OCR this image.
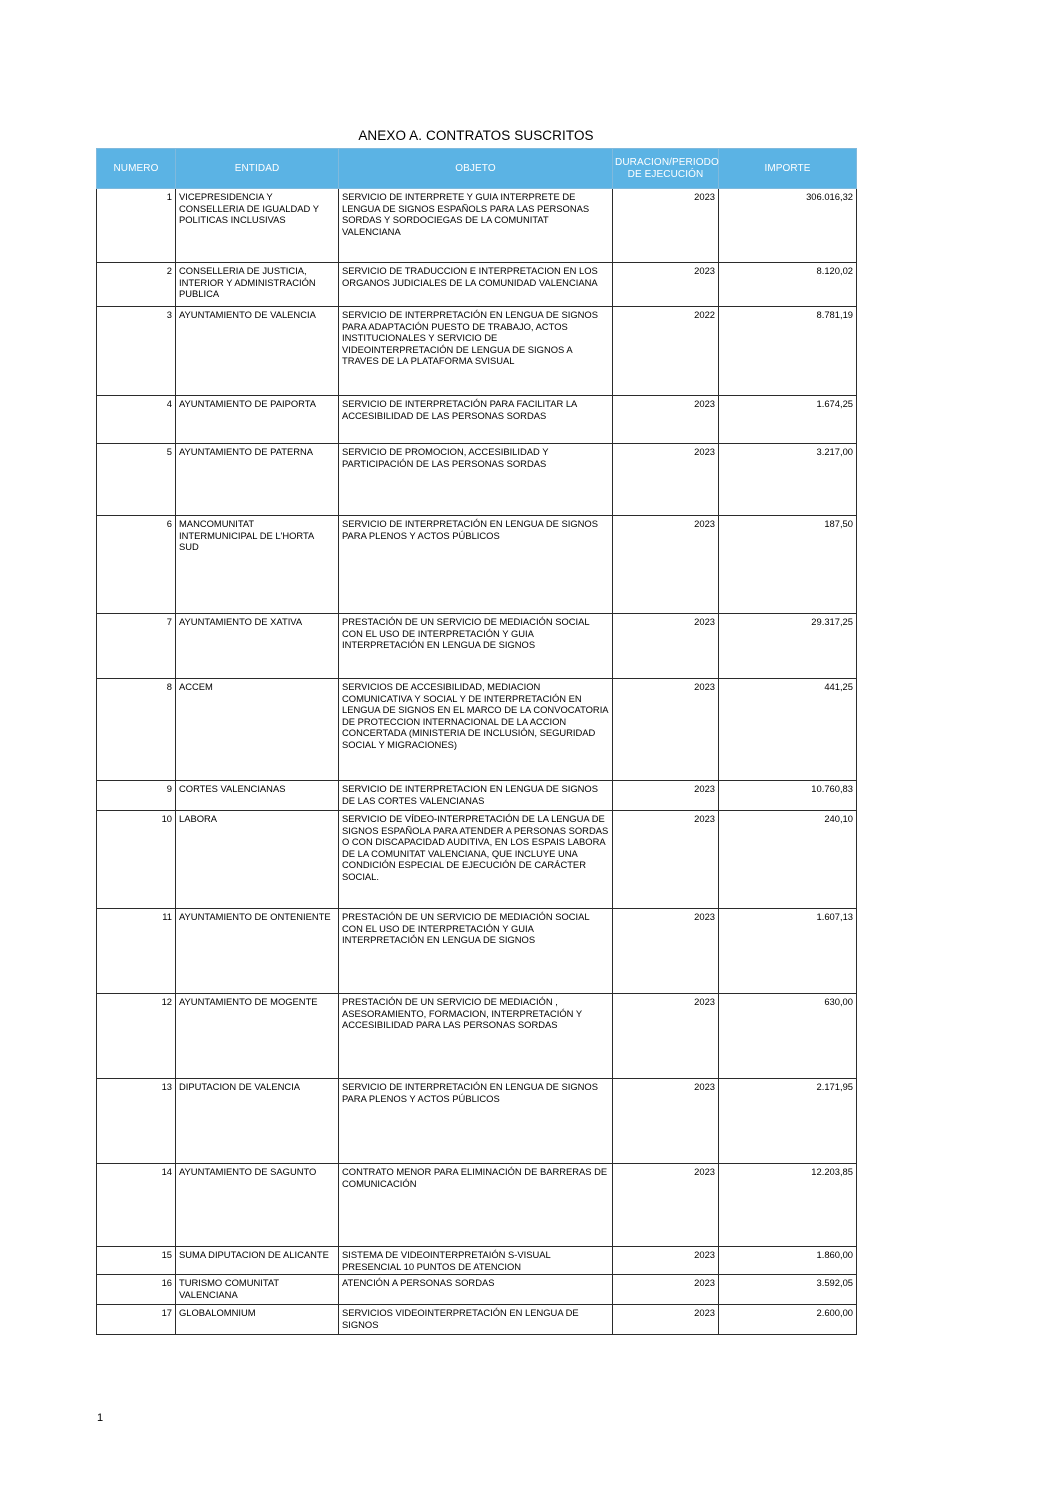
ANEXO A. CONTRATOS SUSCRITOS
NUMERO	ENTIDAD	OBJETO	DURACION/PERIODO DE EJECUCIÓN	IMPORTE
1	VICEPRESIDENCIA Y CONSELLERIA DE IGUALDAD Y POLITICAS INCLUSIVAS	SERVICIO DE INTERPRETE Y GUIA INTERPRETE DE LENGUA DE SIGNOS ESPAÑOLS PARA LAS PERSONAS SORDAS Y SORDOCIEGAS DE LA COMUNITAT VALENCIANA	2023	306.016,32
2	CONSELLERIA DE JUSTICIA, INTERIOR Y ADMINISTRACIÓN PUBLICA	SERVICIO DE TRADUCCION E INTERPRETACION EN LOS ORGANOS JUDICIALES DE LA COMUNIDAD VALENCIANA	2023	8.120,02
3	AYUNTAMIENTO DE VALENCIA	SERVICIO DE INTERPRETACIÓN EN LENGUA DE SIGNOS PARA ADAPTACIÓN PUESTO DE TRABAJO, ACTOS INSTITUCIONALES Y SERVICIO DE VIDEOINTERPRETACIÓN DE LENGUA DE SIGNOS A TRAVES DE LA PLATAFORMA SVISUAL	2022	8.781,19
4	AYUNTAMIENTO DE PAIPORTA	SERVICIO DE INTERPRETACIÓN PARA FACILITAR LA ACCESIBILIDAD DE LAS PERSONAS SORDAS	2023	1.674,25
5	AYUNTAMIENTO DE PATERNA	SERVICIO DE PROMOCION, ACCESIBILIDAD Y PARTICIPACIÓN DE LAS PERSONAS SORDAS	2023	3.217,00
6	MANCOMUNITAT INTERMUNICIPAL DE L'HORTA SUD	SERVICIO DE INTERPRETACIÓN EN LENGUA DE SIGNOS PARA PLENOS Y ACTOS PÚBLICOS	2023	187,50
7	AYUNTAMIENTO DE XATIVA	PRESTACIÓN DE UN SERVICIO DE MEDIACIÓN SOCIAL CON EL USO DE INTERPRETACIÓN Y GUIA INTERPRETACIÓN EN LENGUA DE SIGNOS	2023	29.317,25
8	ACCEM	SERVICIOS DE ACCESIBILIDAD, MEDIACION COMUNICATIVA Y SOCIAL Y DE INTERPRETACIÓN EN LENGUA DE SIGNOS EN EL MARCO DE LA CONVOCATORIA DE PROTECCION INTERNACIONAL DE LA ACCION CONCERTADA (MINISTERIA DE INCLUSIÓN, SEGURIDAD SOCIAL Y MIGRACIONES)	2023	441,25
9	CORTES VALENCIANAS	SERVICIO DE INTERPRETACION EN LENGUA DE SIGNOS DE LAS CORTES VALENCIANAS	2023	10.760,83
10	LABORA	SERVICIO DE VÍDEO-INTERPRETACIÓN DE LA LENGUA DE SIGNOS ESPAÑOLA PARA ATENDER A PERSONAS SORDAS O CON DISCAPACIDAD AUDITIVA, EN LOS ESPAIS LABORA DE LA COMUNITAT VALENCIANA, QUE INCLUYE UNA CONDICIÓN ESPECIAL DE EJECUCIÓN DE CARÁCTER SOCIAL.	2023	240,10
11	AYUNTAMIENTO DE ONTENIENTE	PRESTACIÓN DE UN SERVICIO DE MEDIACIÓN SOCIAL CON EL USO DE INTERPRETACIÓN Y GUIA INTERPRETACIÓN EN LENGUA DE SIGNOS	2023	1.607,13
12	AYUNTAMIENTO DE MOGENTE	PRESTACIÓN DE UN SERVICIO DE MEDIACIÓN , ASESORAMIENTO, FORMACION, INTERPRETACIÓN Y ACCESIBILIDAD PARA LAS PERSONAS SORDAS	2023	630,00
13	DIPUTACION DE VALENCIA	SERVICIO DE INTERPRETACIÓN EN LENGUA DE SIGNOS PARA PLENOS Y ACTOS PÚBLICOS	2023	2.171,95
14	AYUNTAMIENTO DE SAGUNTO	CONTRATO MENOR PARA ELIMINACIÓN DE BARRERAS DE COMUNICACIÓN	2023	12.203,85
15	SUMA DIPUTACION DE ALICANTE	SISTEMA DE VIDEOINTERPRETAIÓN S-VISUAL PRESENCIAL 10 PUNTOS DE ATENCION	2023	1.860,00
16	TURISMO COMUNITAT VALENCIANA	ATENCIÓN A PERSONAS SORDAS	2023	3.592,05
17	GLOBALOMNIUM	SERVICIOS VIDEOINTERPRETACIÓN EN LENGUA DE SIGNOS	2023	2.600,00
1
